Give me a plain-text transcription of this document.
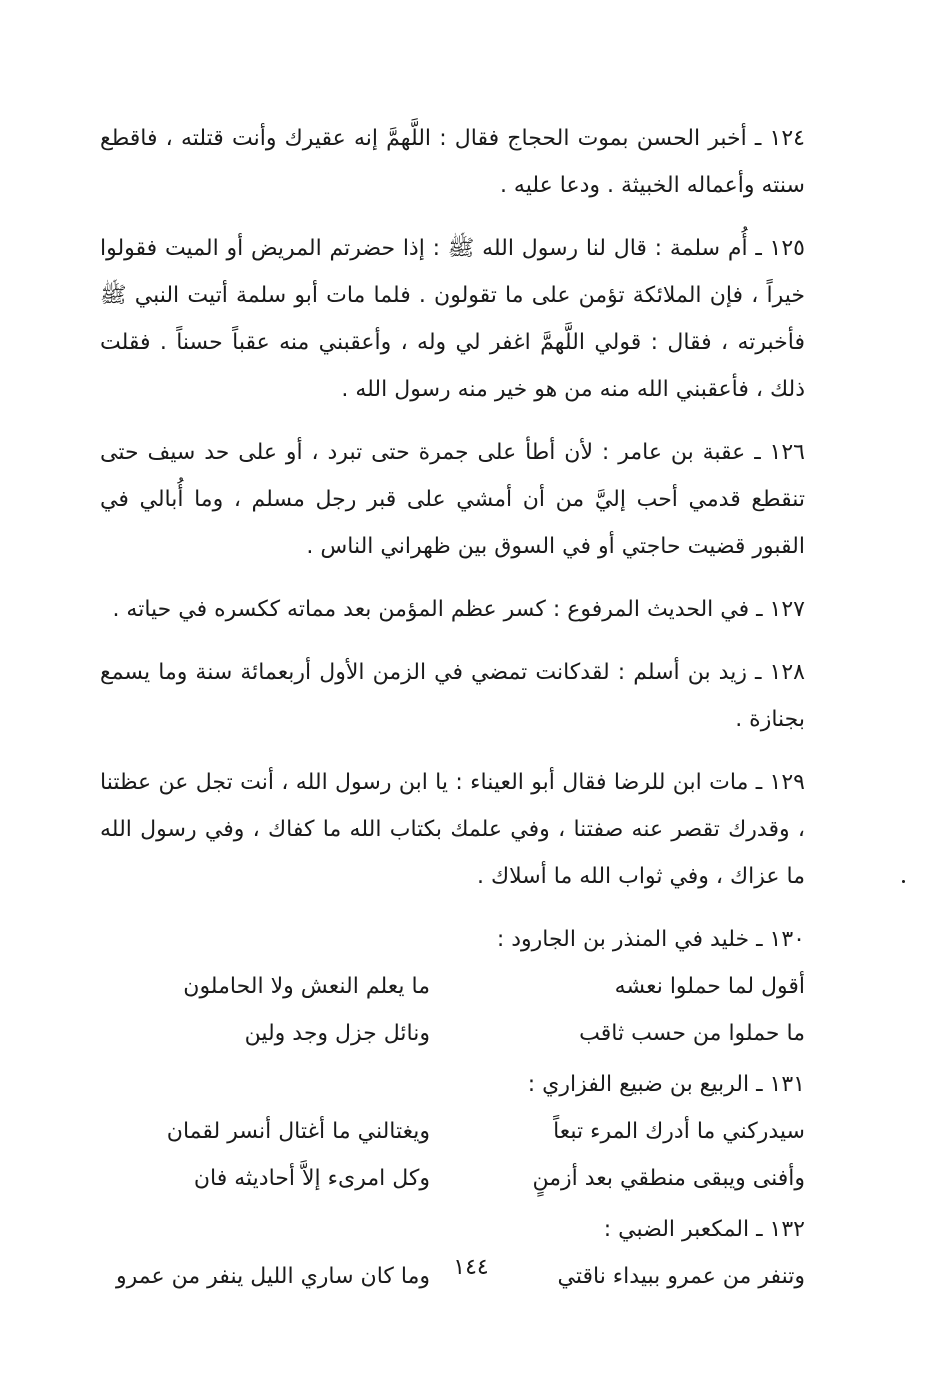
١٢٤ ـ أخبر الحسن بموت الحجاج فقال : اللَّهمَّ إنه عقيرك وأنت قتلته ، فاقطع سنته وأعماله الخبيثة . ودعا عليه .

١٢٥ ـ أُم سلمة : قال لنا رسول الله ﷺ : إذا حضرتم المريض أو الميت فقولوا خيراً ، فإن الملائكة تؤمن على ما تقولون . فلما مات أبو سلمة أتيت النبي ﷺ فأخبرته ، فقال : قولي اللَّهمَّ اغفر لي وله ، وأعقبني منه عقباً حسناً . فقلت ذلك ، فأعقبني الله منه من هو خير منه رسول الله .

١٢٦ ـ عقبة بن عامر : لأن أطأ على جمرة حتى تبرد ، أو على حد سيف حتى تنقطع قدمي أحب إليَّ من أن أمشي على قبر رجل مسلم ، وما أُبالي في القبور قضيت حاجتي أو في السوق بين ظهراني الناس .

١٢٧ ـ في الحديث المرفوع : كسر عظم المؤمن بعد مماته ككسره في حياته .

١٢٨ ـ زيد بن أسلم : لقدكانت تمضي في الزمن الأول أربعمائة سنة وما يسمع بجنازة .

١٢٩ ـ مات ابن للرضا فقال أبو العيناء : يا ابن رسول الله ، أنت تجل عن عظتنا ، وقدرك تقصر عنه صفتنا ، وفي علمك بكتاب الله ما كفاك ، وفي رسول الله ما عزاك ، وفي ثواب الله ما أسلاك .

١٣٠ ـ خليد في المنذر بن الجارود :

أقول لما حملوا نعشه
ما يعلم النعش ولا الحاملون
ما حملوا من حسب ثاقب
ونائل جزل وجد ولين

١٣١ ـ الربيع بن ضبيع الفزاري :

سيدركني ما أدرك المرء تبعاً
ويغتالني ما أغتال أنسر لقمان
وأفنى ويبقى منطقي بعد أزمنٍ
وكل امرىء إلاَّ أحاديثه فان

١٣٢ ـ المكعبر الضبي :

وتنفر من عمرو ببيداء ناقتي
وما كان ساري الليل ينفر من عمرو	١٤٤
